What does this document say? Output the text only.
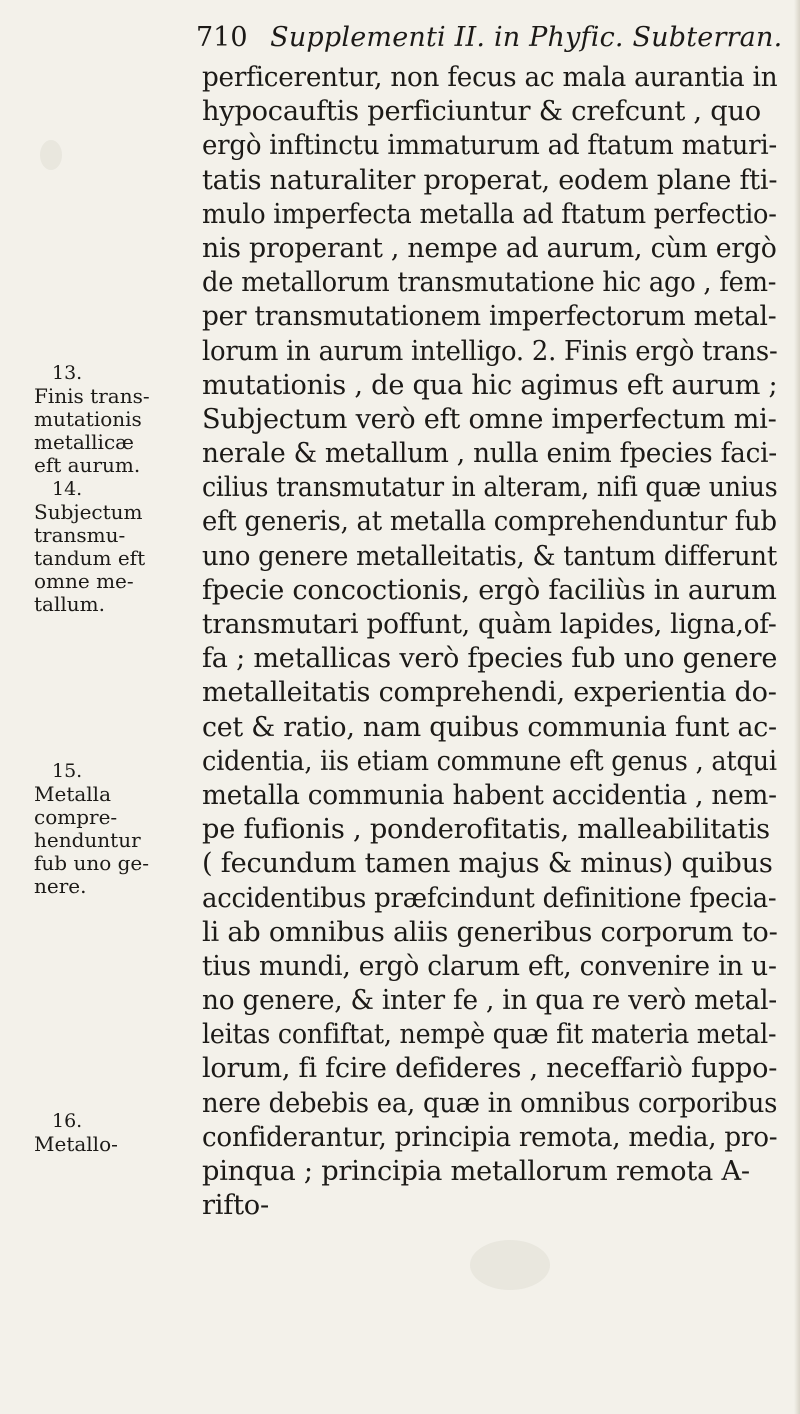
710 Supplementi II. in Phyfic. Subterran.
perficerentur, non fecus ac mala aurantia in
hypocauftis perficiuntur & crefcunt , quo
ergò inftinctu immaturum ad ftatum maturi-
tatis naturaliter properat, eodem plane fti-
mulo imperfecta metalla ad ftatum perfectio-
nis properant , nempe ad aurum, cùm ergò
de metallorum transmutatione hic ago , fem-
per transmutationem imperfectorum metal-
lorum in aurum intelligo. 2. Finis ergò trans-
mutationis , de qua hic agimus eft aurum ;
Subjectum verò eft omne imperfectum mi-
nerale & metallum , nulla enim fpecies faci-
cilius transmutatur in alteram, nifi quæ unius
eft generis, at metalla comprehenduntur fub
uno genere metalleitatis, & tantum differunt
fpecie concoctionis, ergò faciliùs in aurum
transmutari poffunt, quàm lapides, ligna,of-
fa ; metallicas verò fpecies fub uno genere
metalleitatis comprehendi, experientia do-
cet & ratio, nam quibus communia funt ac-
cidentia, iis etiam commune eft genus , atqui
metalla communia habent accidentia , nem-
pe fufionis , ponderofitatis, malleabilitatis
( fecundum tamen majus & minus) quibus
accidentibus præfcindunt definitione fpecia-
li ab omnibus aliis generibus corporum to-
tius mundi, ergò clarum eft, convenire in u-
no genere, & inter fe , in qua re verò metal-
leitas confiftat, nempè quæ fit materia metal-
lorum, fi fcire defideres , neceffariò fuppo-
nere debebis ea, quæ in omnibus corporibus
confiderantur, principia remota, media, pro-
pinqua ; principia metallorum remota A-
rifto-
13.
Finis trans-
mutationis
metallicæ
eft aurum.
14.
Subjectum
transmu-
tandum eft
omne me-
tallum.
15.
Metalla
compre-
henduntur
fub uno ge-
nere.
16.
Metallo-
